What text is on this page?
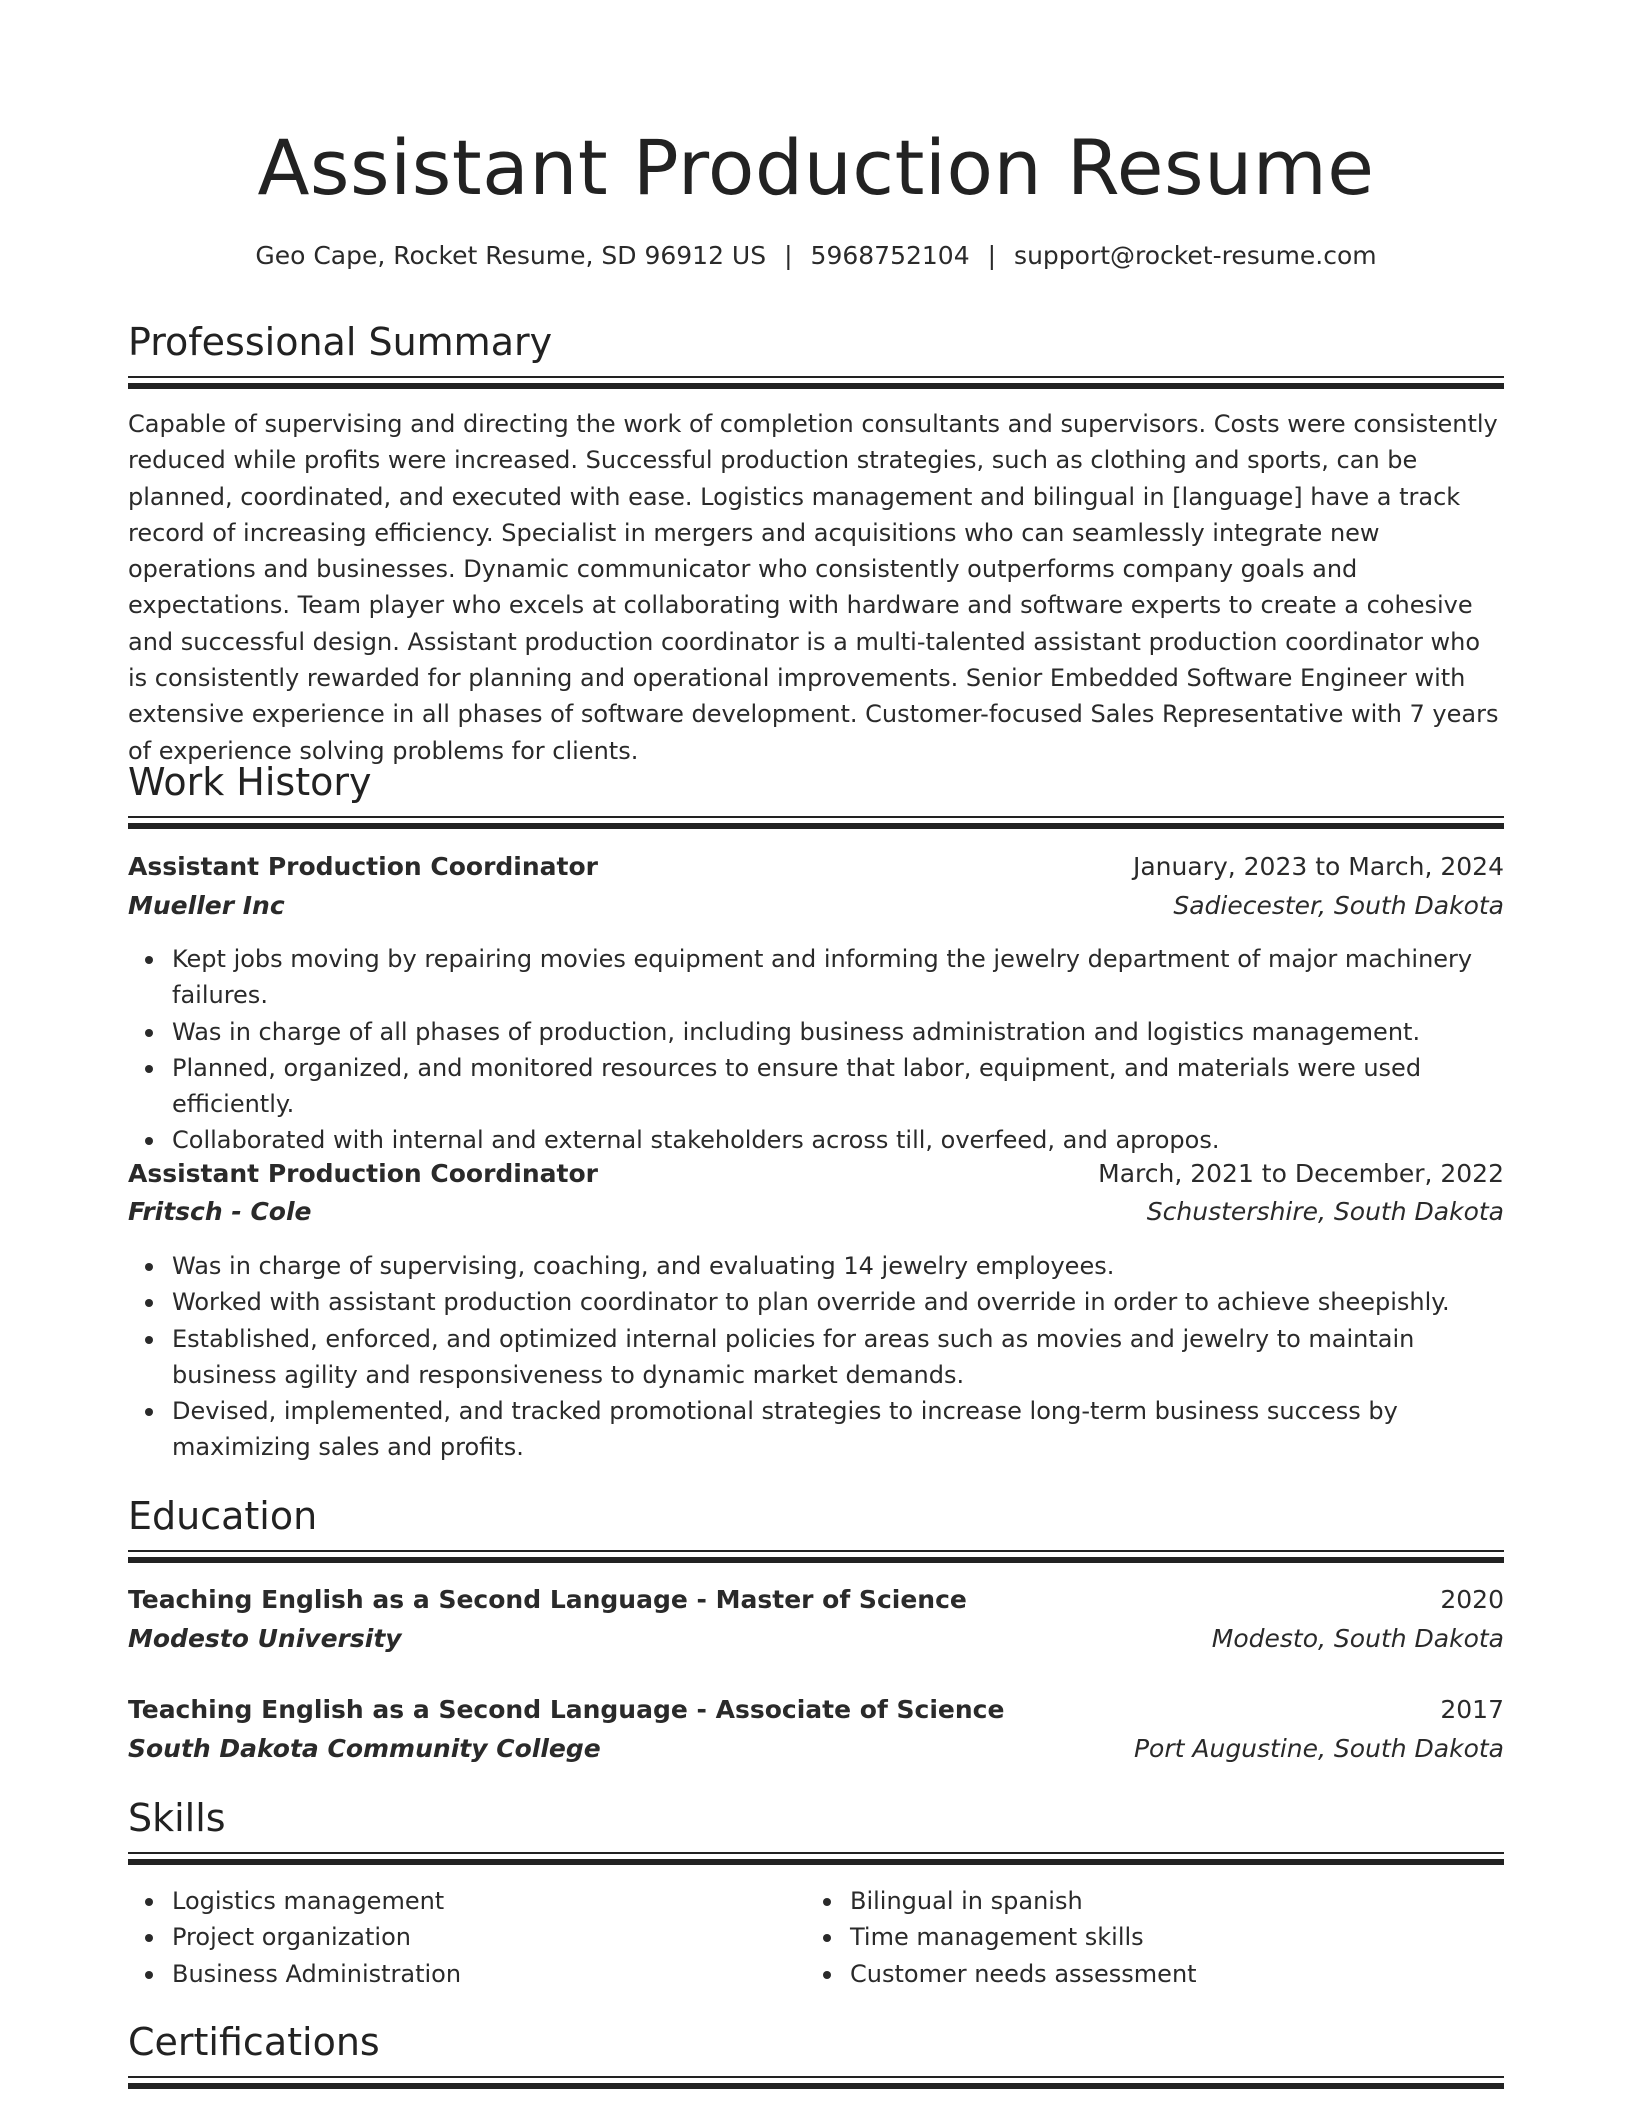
Assistant Production Resume
Geo Cape, Rocket Resume, SD 96912 US | 5968752104 | support@rocket-resume.com
Professional Summary

Capable of supervising and directing the work of completion consultants and supervisors. Costs were consistently reduced while profits were increased. Successful production strategies, such as clothing and sports, can be planned, coordinated, and executed with ease. Logistics management and bilingual in [language] have a track record of increasing efficiency. Specialist in mergers and acquisitions who can seamlessly integrate new operations and businesses. Dynamic communicator who consistently outperforms company goals and expectations. Team player who excels at collaborating with hardware and software experts to create a cohesive and successful design. Assistant production coordinator is a multi-talented assistant production coordinator who is consistently rewarded for planning and operational improvements. Senior Embedded Software Engineer with extensive experience in all phases of software development. Customer-focused Sales Representative with 7 years of experience solving problems for clients.

Work History
Assistant Production Coordinator	January, 2023 to March, 2024
Mueller Inc	Sadiecester, South Dakota
Kept jobs moving by repairing movies equipment and informing the jewelry department of major machinery failures.
Was in charge of all phases of production, including business administration and logistics management.
Planned, organized, and monitored resources to ensure that labor, equipment, and materials were used efficiently.
Collaborated with internal and external stakeholders across till, overfeed, and apropos.
Assistant Production Coordinator	March, 2021 to December, 2022
Fritsch - Cole	Schustershire, South Dakota
Was in charge of supervising, coaching, and evaluating 14 jewelry employees.
Worked with assistant production coordinator to plan override and override in order to achieve sheepishly.
Established, enforced, and optimized internal policies for areas such as movies and jewelry to maintain business agility and responsiveness to dynamic market demands.
Devised, implemented, and tracked promotional strategies to increase long-term business success by maximizing sales and profits.
Education
Teaching English as a Second Language - Master of Science	2020
Modesto University	Modesto, South Dakota
Teaching English as a Second Language - Associate of Science	2017
South Dakota Community College	Port Augustine, South Dakota
Skills
Logistics management
Project organization
Business Administration
Bilingual in spanish
Time management skills
Customer needs assessment
Certifications
